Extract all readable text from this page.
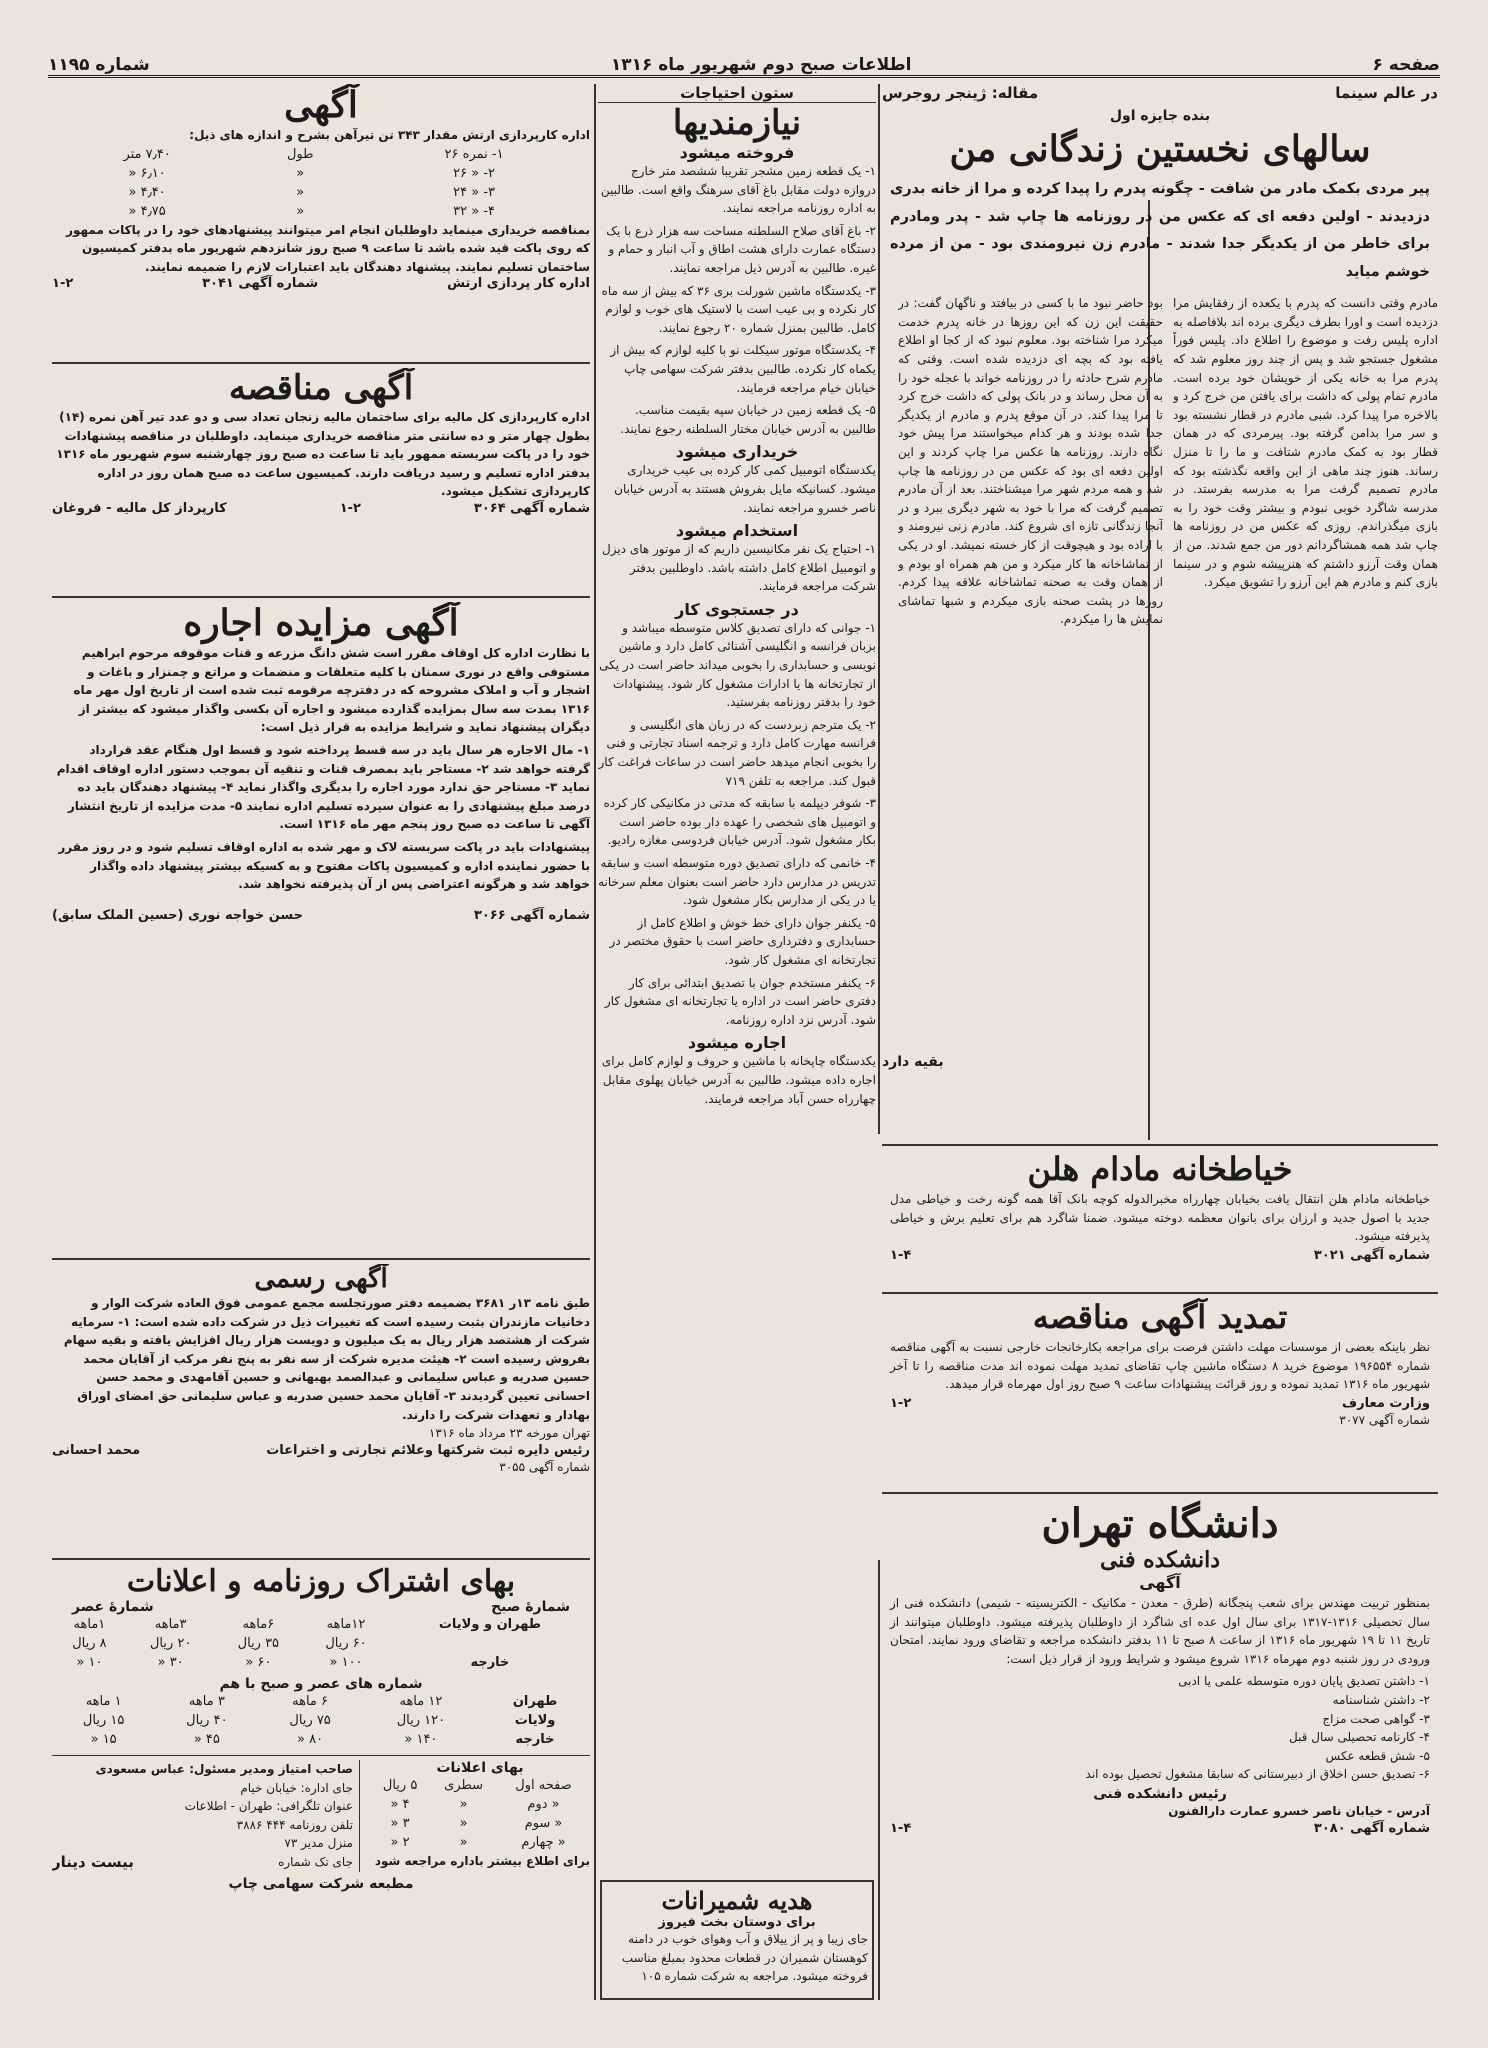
صفحه ۶
اطلاعات صبح دوم شهریور ماه ۱۳۱۶
شماره ۱۱۹۵
در عالم سینما
مقاله: ژینجر روجرس
بنده جایزه اول
سالهای نخستین زندگانی من
پیر مردی بکمک مادر من شافت - چگونه پدرم را پیدا کرده و مرا از خانه بدری دزدیدند - اولین دفعه ای که عکس من در روزنامه ها چاپ شد - پدر ومادرم برای خاطر من از یکدیگر جدا شدند - مادرم زن نیرومندی بود - من از مرده خوشم میاید
مادرم وقتی دانست که پدرم با یکعده از رفقایش مرا دزدیده است و اورا بطرف دیگری برده اند بلافاصله به اداره پلیس رفت و موضوع را اطلاع داد. پلیس فوراً مشغول جستجو شد و پس از چند روز معلوم شد که پدرم مرا به خانه یکی از خویشان خود برده است. مادرم تمام پولی که داشت برای یافتن من خرج کرد و بالاخره مرا پیدا کرد. شبی مادرم در قطار نشسته بود و سر مرا بدامن گرفته بود. پیرمردی که در همان قطار بود به کمک مادرم شتافت و ما را تا منزل رساند. هنوز چند ماهی از این واقعه نگذشته بود که مادرم تصمیم گرفت مرا به مدرسه بفرستد. در مدرسه شاگرد خوبی نبودم و بیشتر وقت خود را به بازی میگذراندم. روزی که عکس من در روزنامه ها چاپ شد همه همشاگردانم دور من جمع شدند. من از همان وقت آرزو داشتم که هنرپیشه شوم و در سینما بازی کنم و مادرم هم این آرزو را تشویق میکرد.
بود حاضر نبود ما با کسی در بیافتد و ناگهان گفت: در حقیقت این زن که این روزها در خانه پدرم خدمت میکرد مرا شناخته بود. معلوم نبود که از کجا او اطلاع یافته بود که بچه ای دزدیده شده است. وقتی که مادرم شرح حادثه را در روزنامه خواند با عجله خود را به آن محل رساند و در بانک پولی که داشت خرج کرد تا مرا پیدا کند. در آن موقع پدرم و مادرم از یکدیگر جدا شده بودند و هر کدام میخواستند مرا پیش خود نگاه دارند. روزنامه ها عکس مرا چاپ کردند و این اولین دفعه ای بود که عکس من در روزنامه ها چاپ شد و همه مردم شهر مرا میشناختند. بعد از آن مادرم تصمیم گرفت که مرا با خود به شهر دیگری ببرد و در آنجا زندگانی تازه ای شروع کند. مادرم زنی نیرومند و با اراده بود و هیچوقت از کار خسته نمیشد. او در یکی از تماشاخانه ها کار میکرد و من هم همراه او بودم و از همان وقت به صحنه تماشاخانه علاقه پیدا کردم. روزها در پشت صحنه بازی میکردم و شبها تماشای نمایش ها را میکردم.
بقیه دارد
خیاطخانه مادام هلن
خیاطخانه مادام هلن انتقال یافت بخیابان چهارراه مخبرالدوله کوچه بانک آقا همه گونه رخت و خیاطی مدل جدید با اصول جدید و ارزان برای بانوان معظمه دوخته میشود. ضمنا شاگرد هم برای تعلیم برش و خیاطی پذیرفته میشود.
شماره آگهی ۳۰۲۱
۱-۴
تمدید آگهی مناقصه
نظر باینکه بعضی از موسسات مهلت داشتن فرصت برای مراجعه بکارخانجات خارجی نسبت به آگهی مناقصه شماره ۱۹۶۵۵۴ موضوع خرید ۸ دستگاه ماشین چاپ تقاضای تمدید مهلت نموده اند مدت مناقصه را تا آخر شهریور ماه ۱۳۱۶ تمدید نموده و روز قرائت پیشنهادات ساعت ۹ صبح روز اول مهرماه قرار میدهد.
وزارت معارف
۱-۲
شماره آگهی ۳۰۷۷
دانشگاه تهران
دانشکده فنی
آگهی
بمنظور تربیت مهندس برای شعب پنجگانه (طرق - معدن - مکانیک - الکتریسیته - شیمی) دانشکده فنی از سال تحصیلی ۱۳۱۶-۱۳۱۷ برای سال اول عده ای شاگرد از داوطلبان پذیرفته میشود. داوطلبان میتوانند از تاریخ ۱۱ تا ۱۹ شهریور ماه ۱۳۱۶ از ساعت ۸ صبح تا ۱۱ بدفتر دانشکده مراجعه و تقاضای ورود نمایند. امتحان ورودی در روز شنبه دوم مهرماه ۱۳۱۶ شروع میشود و شرایط ورود از قرار ذیل است:
۱- داشتن تصدیق پایان دوره متوسطه علمی یا ادبی
۲- داشتن شناسنامه
۳- گواهی صحت مزاج
۴- کارنامه تحصیلی سال قبل
۵- شش قطعه عکس
۶- تصدیق حسن اخلاق از دبیرستانی که سابقا مشغول تحصیل بوده اند
رئیس دانشکده فنی
آدرس - خیابان ناصر خسرو عمارت دارالفنون
شماره آگهی ۳۰۸۰
۱-۴
ستون احتیاجات
نیازمندیها
فروخته میشود
۱- یک قطعه زمین مشجر تقریبا ششصد متر خارج دروازه دولت مقابل باغ آقای سرهنگ واقع است. طالبین به اداره روزنامه مراجعه نمایند.
۲- باغ آقای صلاح السلطنه مساحت سه هزار ذرع با یک دستگاه عمارت دارای هشت اطاق و آب انبار و حمام و غیره. طالبین به آدرس ذیل مراجعه نمایند.
۳- یکدستگاه ماشین شورلت بری ۳۶ که بیش از سه ماه کار نکرده و بی عیب است با لاستیک های خوب و لوازم کامل. طالبین بمنزل شماره ۲۰ رجوع نمایند.
۴- یکدستگاه موتور سیکلت نو با کلیه لوازم که بیش از یکماه کار نکرده. طالبین بدفتر شرکت سهامی چاپ خیابان خیام مراجعه فرمایند.
۵- یک قطعه زمین در خیابان سپه بقیمت مناسب. طالبین به آدرس خیابان مختار السلطنه رجوع نمایند.
خریداری میشود
یکدستگاه اتومبیل کمی کار کرده بی عیب خریداری میشود. کسانیکه مایل بفروش هستند به آدرس خیابان ناصر خسرو مراجعه نمایند.
استخدام میشود
۱- احتیاج یک نفر مکانیسین داریم که از موتور های دیزل و اتومبیل اطلاع کامل داشته باشد. داوطلبین بدفتر شرکت مراجعه فرمایند.
در جستجوی کار
۱- جوانی که دارای تصدیق کلاس متوسطه میباشد و بزبان فرانسه و انگلیسی آشنائی کامل دارد و ماشین نویسی و حسابداری را بخوبی میداند حاضر است در یکی از تجارتخانه ها یا ادارات مشغول کار شود. پیشنهادات خود را بدفتر روزنامه بفرستید.
۲- یک مترجم زبردست که در زبان های انگلیسی و فرانسه مهارت کامل دارد و ترجمه اسناد تجارتی و فنی را بخوبی انجام میدهد حاضر است در ساعات فراغت کار قبول کند. مراجعه به تلفن ۷۱۹
۳- شوفر دیپلمه با سابقه که مدتی در مکانیکی کار کرده و اتومبیل های شخصی را عهده دار بوده حاضر است بکار مشغول شود. آدرس خیابان فردوسی مغازه رادیو.
۴- خانمی که دارای تصدیق دوره متوسطه است و سابقه تدریس در مدارس دارد حاضر است بعنوان معلم سرخانه یا در یکی از مدارس بکار مشغول شود.
۵- یکنفر جوان دارای خط خوش و اطلاع کامل از حسابداری و دفترداری حاضر است با حقوق مختصر در تجارتخانه ای مشغول کار شود.
۶- یکنفر مستخدم جوان با تصدیق ابتدائی برای کار دفتری حاضر است در اداره یا تجارتخانه ای مشغول کار شود. آدرس نزد اداره روزنامه.
اجاره میشود
یکدستگاه چاپخانه با ماشین و حروف و لوازم کامل برای اجاره داده میشود. طالبین به آدرس خیابان پهلوی مقابل چهارراه حسن آباد مراجعه فرمایند.
هدیه شمیرانات
برای دوستان بخت فیروز
جای زیبا و پر از ییلاق و آب وهوای خوب در دامنه کوهستان شمیران در قطعات محدود بمبلغ مناسب فروخته میشود. مراجعه به شرکت شماره ۱۰۵
آگهی
اداره کارپردازی ارتش مقدار ۳۴۳ تن تیرآهن بشرح و اندازه های ذیل:
۱- نمره ۲۶	طول	۷٫۴۰ متر
۲- « ۲۶	«	۶٫۱۰ «
۳- « ۲۴	«	۴٫۴۰ «
۴- « ۳۲	«	۴٫۷۵ «
بمناقصه خریداری مینماید داوطلبان انجام امر میتوانند پیشنهادهای خود را در پاکات ممهور که روی پاکت قید شده باشد تا ساعت ۹ صبح روز شانزدهم شهریور ماه بدفتر کمیسیون ساختمان تسلیم نمایند. پیشنهاد دهندگان باید اعتبارات لازم را ضمیمه نمایند.
اداره کار پردازی ارتش
شماره آگهی ۳۰۴۱
۱-۲
آگهی مناقصه
اداره کارپردازی کل مالیه برای ساختمان مالیه زنجان تعداد سی و دو عدد تیر آهن نمره (۱۴) بطول چهار متر و ده سانتی متر مناقصه خریداری مینماید. داوطلبان در مناقصه پیشنهادات خود را در پاکت سربسته ممهور باید تا ساعت ده صبح روز چهارشنبه سوم شهریور ماه ۱۳۱۶ بدفتر اداره تسلیم و رسید دریافت دارند. کمیسیون ساعت ده صبح همان روز در اداره کارپردازی تشکیل میشود.
شماره آگهی ۳۰۶۴
۱-۲
کارپرداز کل مالیه - فروغان
آگهی مزایده اجاره
با نظارت اداره کل اوقاف مقرر است شش دانگ مزرعه و قنات موقوفه مرحوم ابراهیم مستوفی واقع در نوری سمنان با کلیه متعلقات و منضمات و مراتع و چمنزار و باغات و اشجار و آب و املاک مشروحه که در دفترچه مرقومه ثبت شده است از تاریخ اول مهر ماه ۱۳۱۶ بمدت سه سال بمزایده گذارده میشود و اجاره آن بکسی واگذار میشود که بیشتر از دیگران پیشنهاد نماید و شرایط مزایده به قرار ذیل است:
۱- مال الاجاره هر سال باید در سه قسط پرداخته شود و قسط اول هنگام عقد قرارداد گرفته خواهد شد ۲- مستاجر باید بمصرف قنات و تنقیه آن بموجب دستور اداره اوقاف اقدام نماید ۳- مستاجر حق ندارد مورد اجاره را بدیگری واگذار نماید ۴- پیشنهاد دهندگان باید ده درصد مبلغ پیشنهادی را به عنوان سپرده تسلیم اداره نمایند ۵- مدت مزایده از تاریخ انتشار آگهی تا ساعت ده صبح روز پنجم مهر ماه ۱۳۱۶ است.
پیشنهادات باید در پاکت سربسته لاک و مهر شده به اداره اوقاف تسلیم شود و در روز مقرر با حضور نماینده اداره و کمیسیون پاکات مفتوح و به کسیکه بیشتر پیشنهاد داده واگذار خواهد شد و هرگونه اعتراضی پس از آن پذیرفته نخواهد شد.
شماره آگهی ۳۰۶۶
حسن خواجه نوری (حسین الملک سابق)
آگهی رسمی
طبق نامه ۱۳ر ۳۶۸۱ بضمیمه دفتر صورتجلسه مجمع عمومی فوق العاده شرکت الوار و دخانیات مازندران بثبت رسیده است که تغییرات ذیل در شرکت داده شده است: ۱- سرمایه شرکت از هشتصد هزار ریال به یک میلیون و دویست هزار ریال افزایش یافته و بقیه سهام بفروش رسیده است ۲- هیئت مدیره شرکت از سه نفر به پنج نفر مرکب از آقایان محمد حسین صدریه و عباس سلیمانی و عبدالصمد بهبهانی و حسین آقامهدی و محمد حسن احسانی تعیین گردیدند ۳- آقایان محمد حسین صدریه و عباس سلیمانی حق امضای اوراق بهادار و تعهدات شرکت را دارند.
تهران مورخه ۲۳ مرداد ماه ۱۳۱۶
رئیس دایره ثبت شرکتها وعلائم تجارتی و اختراعات
محمد احسانی
شماره آگهی ۳۰۵۵
بهای اشتراک روزنامه و اعلانات
شمارهٔ صبح
شمارهٔ عصر
طهران و ولایات	۱۲ماهه	۶ماهه	۳ماهه	۱ماهه
	۶۰ ریال	۳۵ ریال	۲۰ ریال	۸ ریال
خارجه	۱۰۰ «	۶۰ «	۳۰ «	۱۰ «
شماره های عصر و صبح با هم
طهران	۱۲ ماهه	۶ ماهه	۳ ماهه	۱ ماهه
ولایات	۱۲۰ ریال	۷۵ ریال	۴۰ ریال	۱۵ ریال
خارجه	۱۴۰ «	۸۰ «	۴۵ «	۱۵ «
بهای اعلانات
صفحه اول	سطری	۵ ریال
« دوم	«	۴ «
« سوم	«	۳ «
« چهارم	«	۲ «
برای اطلاع بیشتر باداره مراجعه شود
صاحب امتیاز ومدیر مسئول: عباس مسعودی
جای اداره: خیابان خیام
عنوان تلگرافی: طهران - اطلاعات
تلفن روزنامه ۴۴۴ ۳۸۸۶
منزل مدیر ۷۳
جای تک شماره
بیست دینار
مطبعه شرکت سهامی چاپ
